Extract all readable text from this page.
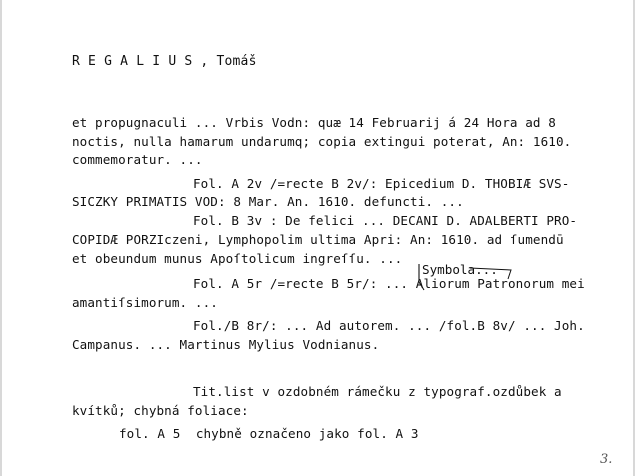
R E G A L I U S , Tomáš
et propugnaculi ... Vrbis Vodn: quæ 14 Februarij á 24 Hora ad 8
noctis, nulla hamarum undarumq; copia extingui poterat, An: 1610.
commemoratur. ...
Fol. A 2v /=recte B 2v/: Epicedium D. THOBIÆ SVS-
SICZKY PRIMATIS VOD: 8 Mar. An. 1610. defuncti. ...
Fol. B 3v : De felici ... DECANI D. ADALBERTI PRO-
COPIDÆ PORZIczeni, Lymphopolim ultima Apri: An: 1610. ad ſumendū
et obeundum munus Apoſtolicum ingreſſu. ...
Symbola...
Fol. A 5r /=recte B 5r/: ... Aliorum Patronorum mei
amantiſsimorum. ...
Fol./B 8r/: ... Ad autorem. ... /fol.B 8v/ ... Joh.
Campanus. ... Martinus Mylius Vodnianus.
Tit.list v ozdobném rámečku z typograf.ozdůbek a
kvítků; chybná foliace:
fol. A 5  chybně označeno jako fol. A 3
3.
